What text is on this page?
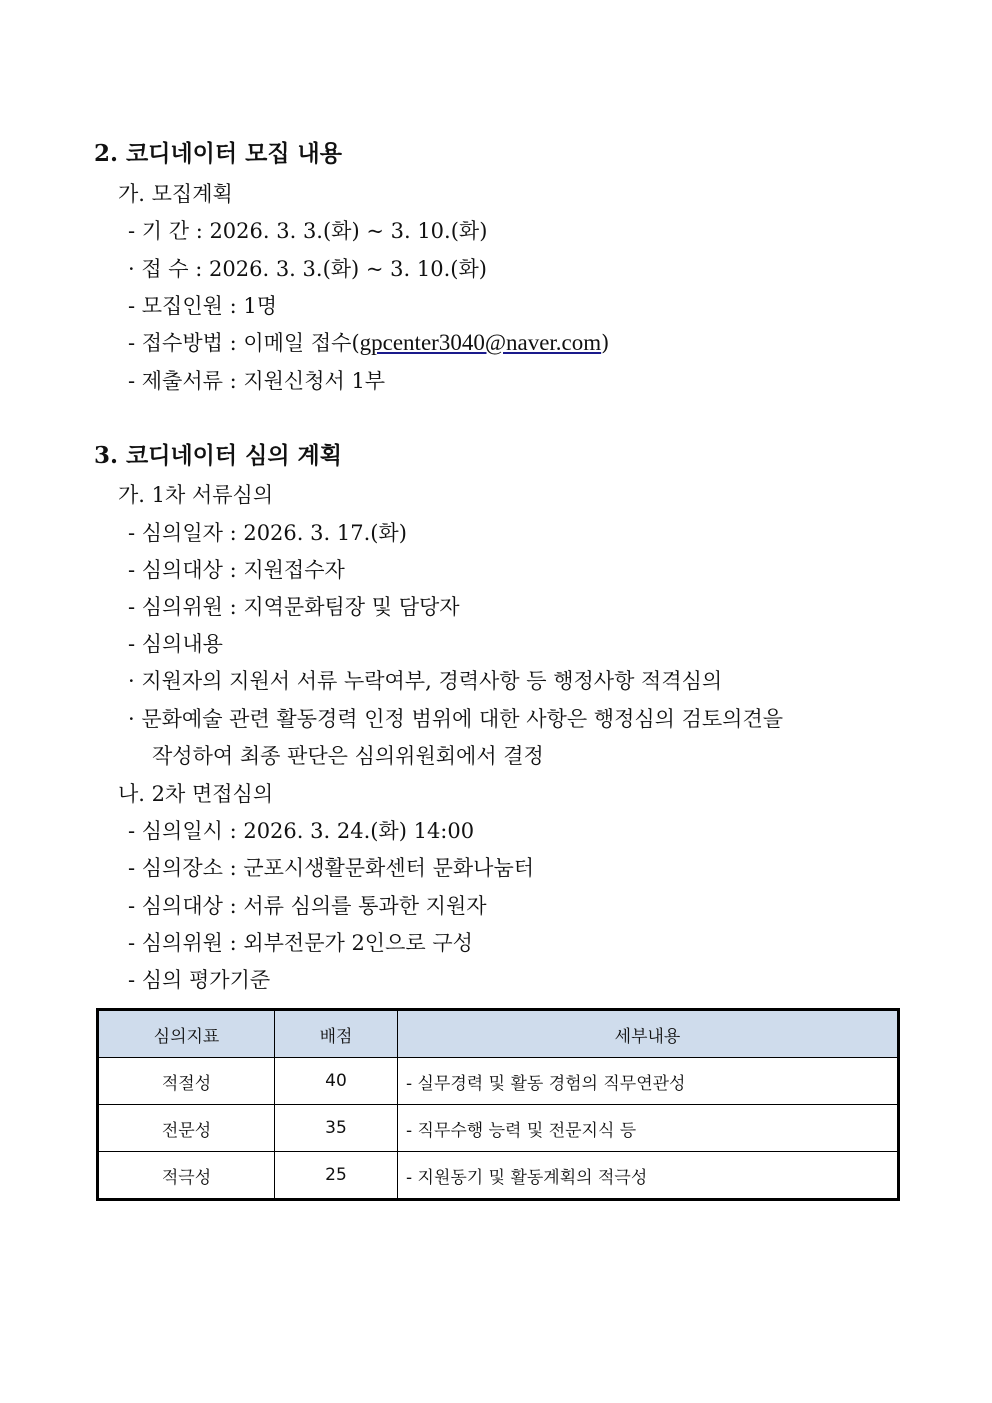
2. 코디네이터 모집 내용
가. 모집계획
- 기 간 : 2026. 3. 3.(화) ~ 3. 10.(화)
· 접 수 : 2026. 3. 3.(화) ~ 3. 10.(화)
- 모집인원 : 1명
- 접수방법 : 이메일 접수(gpcenter3040@naver.com)
- 제출서류 : 지원신청서 1부
3. 코디네이터 심의 계획
가. 1차 서류심의
- 심의일자 : 2026. 3. 17.(화)
- 심의대상 : 지원접수자
- 심의위원 : 지역문화팀장 및 담당자
- 심의내용
· 지원자의 지원서 서류 누락여부, 경력사항 등 행정사항 적격심의
· 문화예술 관련 활동경력 인정 범위에 대한 사항은 행정심의 검토의견을
작성하여 최종 판단은 심의위원회에서 결정
나. 2차 면접심의
- 심의일시 : 2026. 3. 24.(화) 14:00
- 심의장소 : 군포시생활문화센터 문화나눔터
- 심의대상 : 서류 심의를 통과한 지원자
- 심의위원 : 외부전문가 2인으로 구성
- 심의 평가기준
심의지표	배점	세부내용
적절성	40	- 실무경력 및 활동 경험의 직무연관성
전문성	35	- 직무수행 능력 및 전문지식 등
적극성	25	- 지원동기 및 활동계획의 적극성
